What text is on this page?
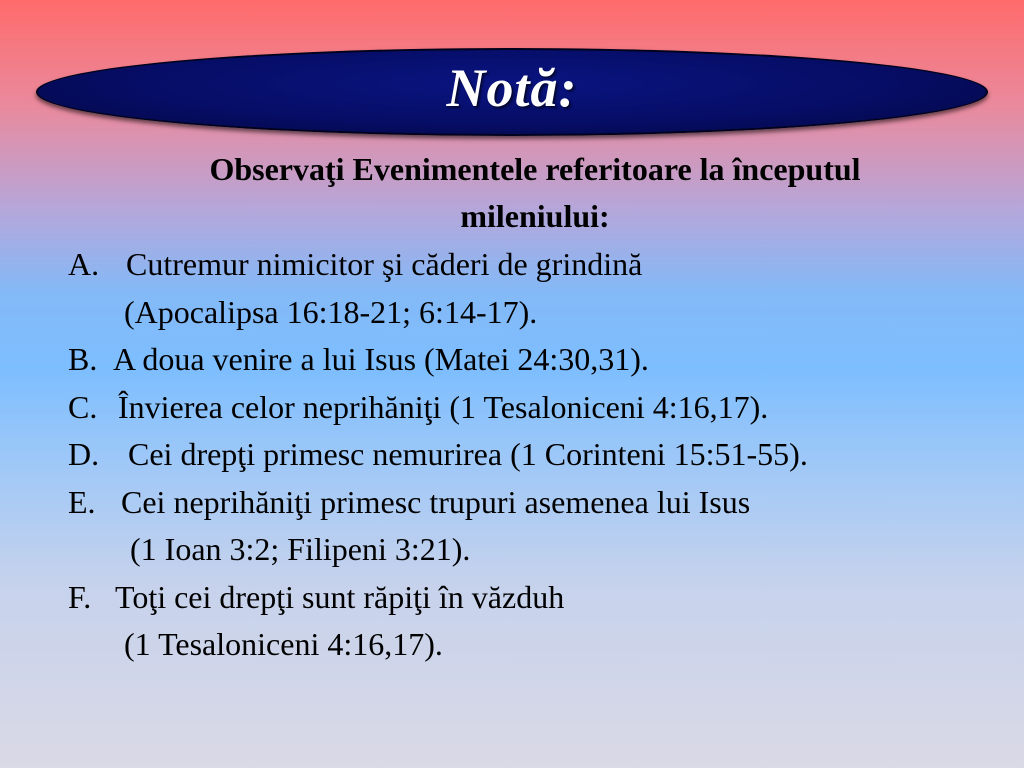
Notă:
Observaţi Evenimentele referitoare la începutul
mileniului:
A. Cutremur nimicitor şi căderi de grindină
(Apocalipsa 16:18-21; 6:14-17).
B. A doua venire a lui Isus (Matei 24:30,31).
C. Învierea celor neprihăniţi (1 Tesaloniceni 4:16,17).
D. Cei drepţi primesc nemurirea (1 Corinteni 15:51-55).
E. Cei neprihăniţi primesc trupuri asemenea lui Isus
(1 Ioan 3:2; Filipeni 3:21).
F. Toţi cei drepţi sunt răpiţi în văzduh
(1 Tesaloniceni 4:16,17).
